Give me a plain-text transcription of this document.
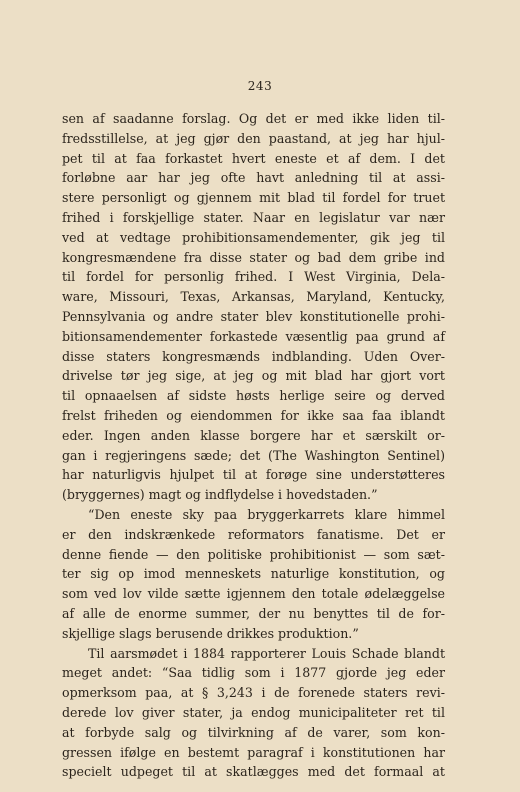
243
sen af saadanne forslag. Og det er med ikke liden til-
fredsstillelse, at jeg gjør den paastand, at jeg har hjul-
pet til at faa forkastet hvert eneste et af dem. I det
forløbne aar har jeg ofte havt anledning til at assi-
stere personligt og gjennem mit blad til fordel for truet
frihed i forskjellige stater. Naar en legislatur var nær
ved at vedtage prohibitionsamendementer, gik jeg til
kongresmændene fra disse stater og bad dem gribe ind
til fordel for personlig frihed. I West Virginia, Dela-
ware, Missouri, Texas, Arkansas, Maryland, Kentucky,
Pennsylvania og andre stater blev konstitutionelle prohi-
bitionsamendementer forkastede væsentlig paa grund af
disse staters kongresmænds indblanding. Uden Over-
drivelse tør jeg sige, at jeg og mit blad har gjort vort
til opnaaelsen af sidste høsts herlige seire og derved
frelst friheden og eiendommen for ikke saa faa iblandt
eder. Ingen anden klasse borgere har et særskilt or-
gan i regjeringens sæde; det (The Washington Sentinel)
har naturligvis hjulpet til at forøge sine understøtteres
(bryggernes) magt og indflydelse i hovedstaden.”
“Den eneste sky paa bryggerkarrets klare himmel
er den indskrænkede reformators fanatisme. Det er
denne fiende — den politiske prohibitionist — som sæt-
ter sig op imod menneskets naturlige konstitution, og
som ved lov vilde sætte igjennem den totale ødelæggelse
af alle de enorme summer, der nu benyttes til de for-
skjellige slags berusende drikkes produktion.”
Til aarsmødet i 1884 rapporterer Louis Schade blandt
meget andet: “Saa tidlig som i 1877 gjorde jeg eder
opmerksom paa, at § 3,243 i de forenede staters revi-
derede lov giver stater, ja endog municipaliteter ret til
at forbyde salg og tilvirkning af de varer, som kon-
gressen ifølge en bestemt paragraf i konstitutionen har
specielt udpeget til at skatlægges med det formaal at
